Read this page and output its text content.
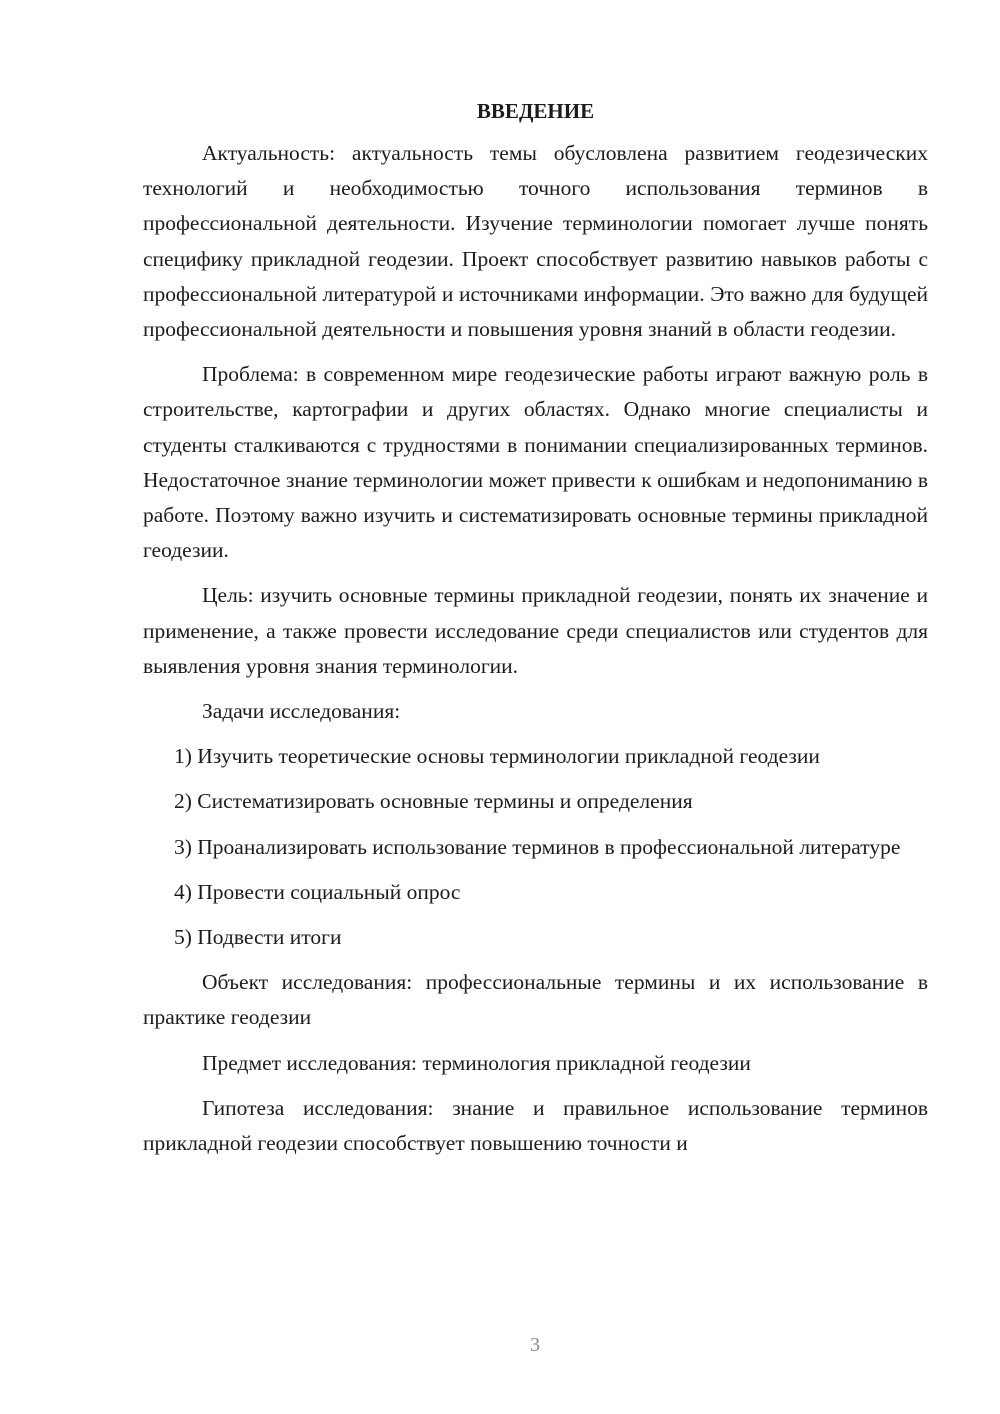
ВВЕДЕНИЕ

Актуальность: актуальность темы обусловлена развитием геодезических технологий и необходимостью точного использования терминов в профессиональной деятельности. Изучение терминологии помогает лучше понять специфику прикладной геодезии. Проект способствует развитию навыков работы с профессиональной литературой и источниками информации. Это важно для будущей профессиональной деятельности и повышения уровня знаний в области геодезии.

Проблема: в современном мире геодезические работы играют важную роль в строительстве, картографии и других областях. Однако многие специалисты и студенты сталкиваются с трудностями в понимании специализированных терминов. Недостаточное знание терминологии может привести к ошибкам и недопониманию в работе. Поэтому важно изучить и систематизировать основные термины прикладной геодезии.

Цель: изучить основные термины прикладной геодезии, понять их значение и применение, а также провести исследование среди специалистов или студентов для выявления уровня знания терминологии.

Задачи исследования:

1) Изучить теоретические основы терминологии прикладной геодезии

2) Систематизировать основные термины и определения

3) Проанализировать использование терминов в профессиональной литературе

4) Провести социальный опрос

5) Подвести итоги

Объект исследования: профессиональные термины и их использование в практике геодезии

Предмет исследования: терминология прикладной геодезии

Гипотеза исследования: знание и правильное использование терминов прикладной геодезии способствует повышению точности и

3
